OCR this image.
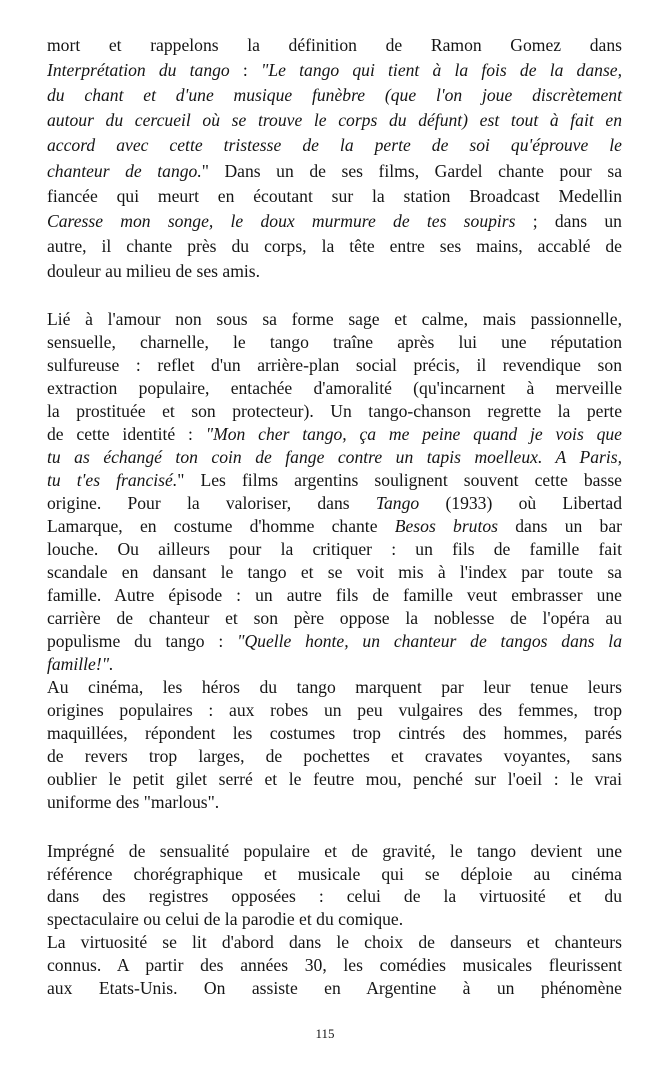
mort et rappelons la définition de Ramon Gomez dans
Interprétation du tango : "Le tango qui tient à la fois de la danse,
du chant et d'une musique funèbre (que l'on joue discrètement
autour du cercueil où se trouve le corps du défunt) est tout à fait en
accord avec cette tristesse de la perte de soi qu'éprouve le
chanteur de tango." Dans un de ses films, Gardel chante pour sa
fiancée qui meurt en écoutant sur la station Broadcast Medellin
Caresse mon songe, le doux murmure de tes soupirs ; dans un
autre, il chante près du corps, la tête entre ses mains, accablé de
douleur au milieu de ses amis.
Lié à l'amour non sous sa forme sage et calme, mais passionnelle,
sensuelle, charnelle, le tango traîne après lui une réputation
sulfureuse : reflet d'un arrière-plan social précis, il revendique son
extraction populaire, entachée d'amoralité (qu'incarnent à merveille
la prostituée et son protecteur). Un tango-chanson regrette la perte
de cette identité : "Mon cher tango, ça me peine quand je vois que
tu as échangé ton coin de fange contre un tapis moelleux. A Paris,
tu t'es francisé." Les films argentins soulignent souvent cette basse
origine. Pour la valoriser, dans Tango (1933) où Libertad
Lamarque, en costume d'homme chante Besos brutos dans un bar
louche. Ou ailleurs pour la critiquer : un fils de famille fait
scandale en dansant le tango et se voit mis à l'index par toute sa
famille. Autre épisode : un autre fils de famille veut embrasser une
carrière de chanteur et son père oppose la noblesse de l'opéra au
populisme du tango : "Quelle honte, un chanteur de tangos dans la
famille!".
Au cinéma, les héros du tango marquent par leur tenue leurs
origines populaires : aux robes un peu vulgaires des femmes, trop
maquillées, répondent les costumes trop cintrés des hommes, parés
de revers trop larges, de pochettes et cravates voyantes, sans
oublier le petit gilet serré et le feutre mou, penché sur l'oeil : le vrai
uniforme des "marlous".
Imprégné de sensualité populaire et de gravité, le tango devient une
référence chorégraphique et musicale qui se déploie au cinéma
dans des registres opposées : celui de la virtuosité et du
spectaculaire ou celui de la parodie et du comique.
La virtuosité se lit d'abord dans le choix de danseurs et chanteurs
connus. A partir des années 30, les comédies musicales fleurissent
aux Etats-Unis. On assiste en Argentine à un phénomène
115
